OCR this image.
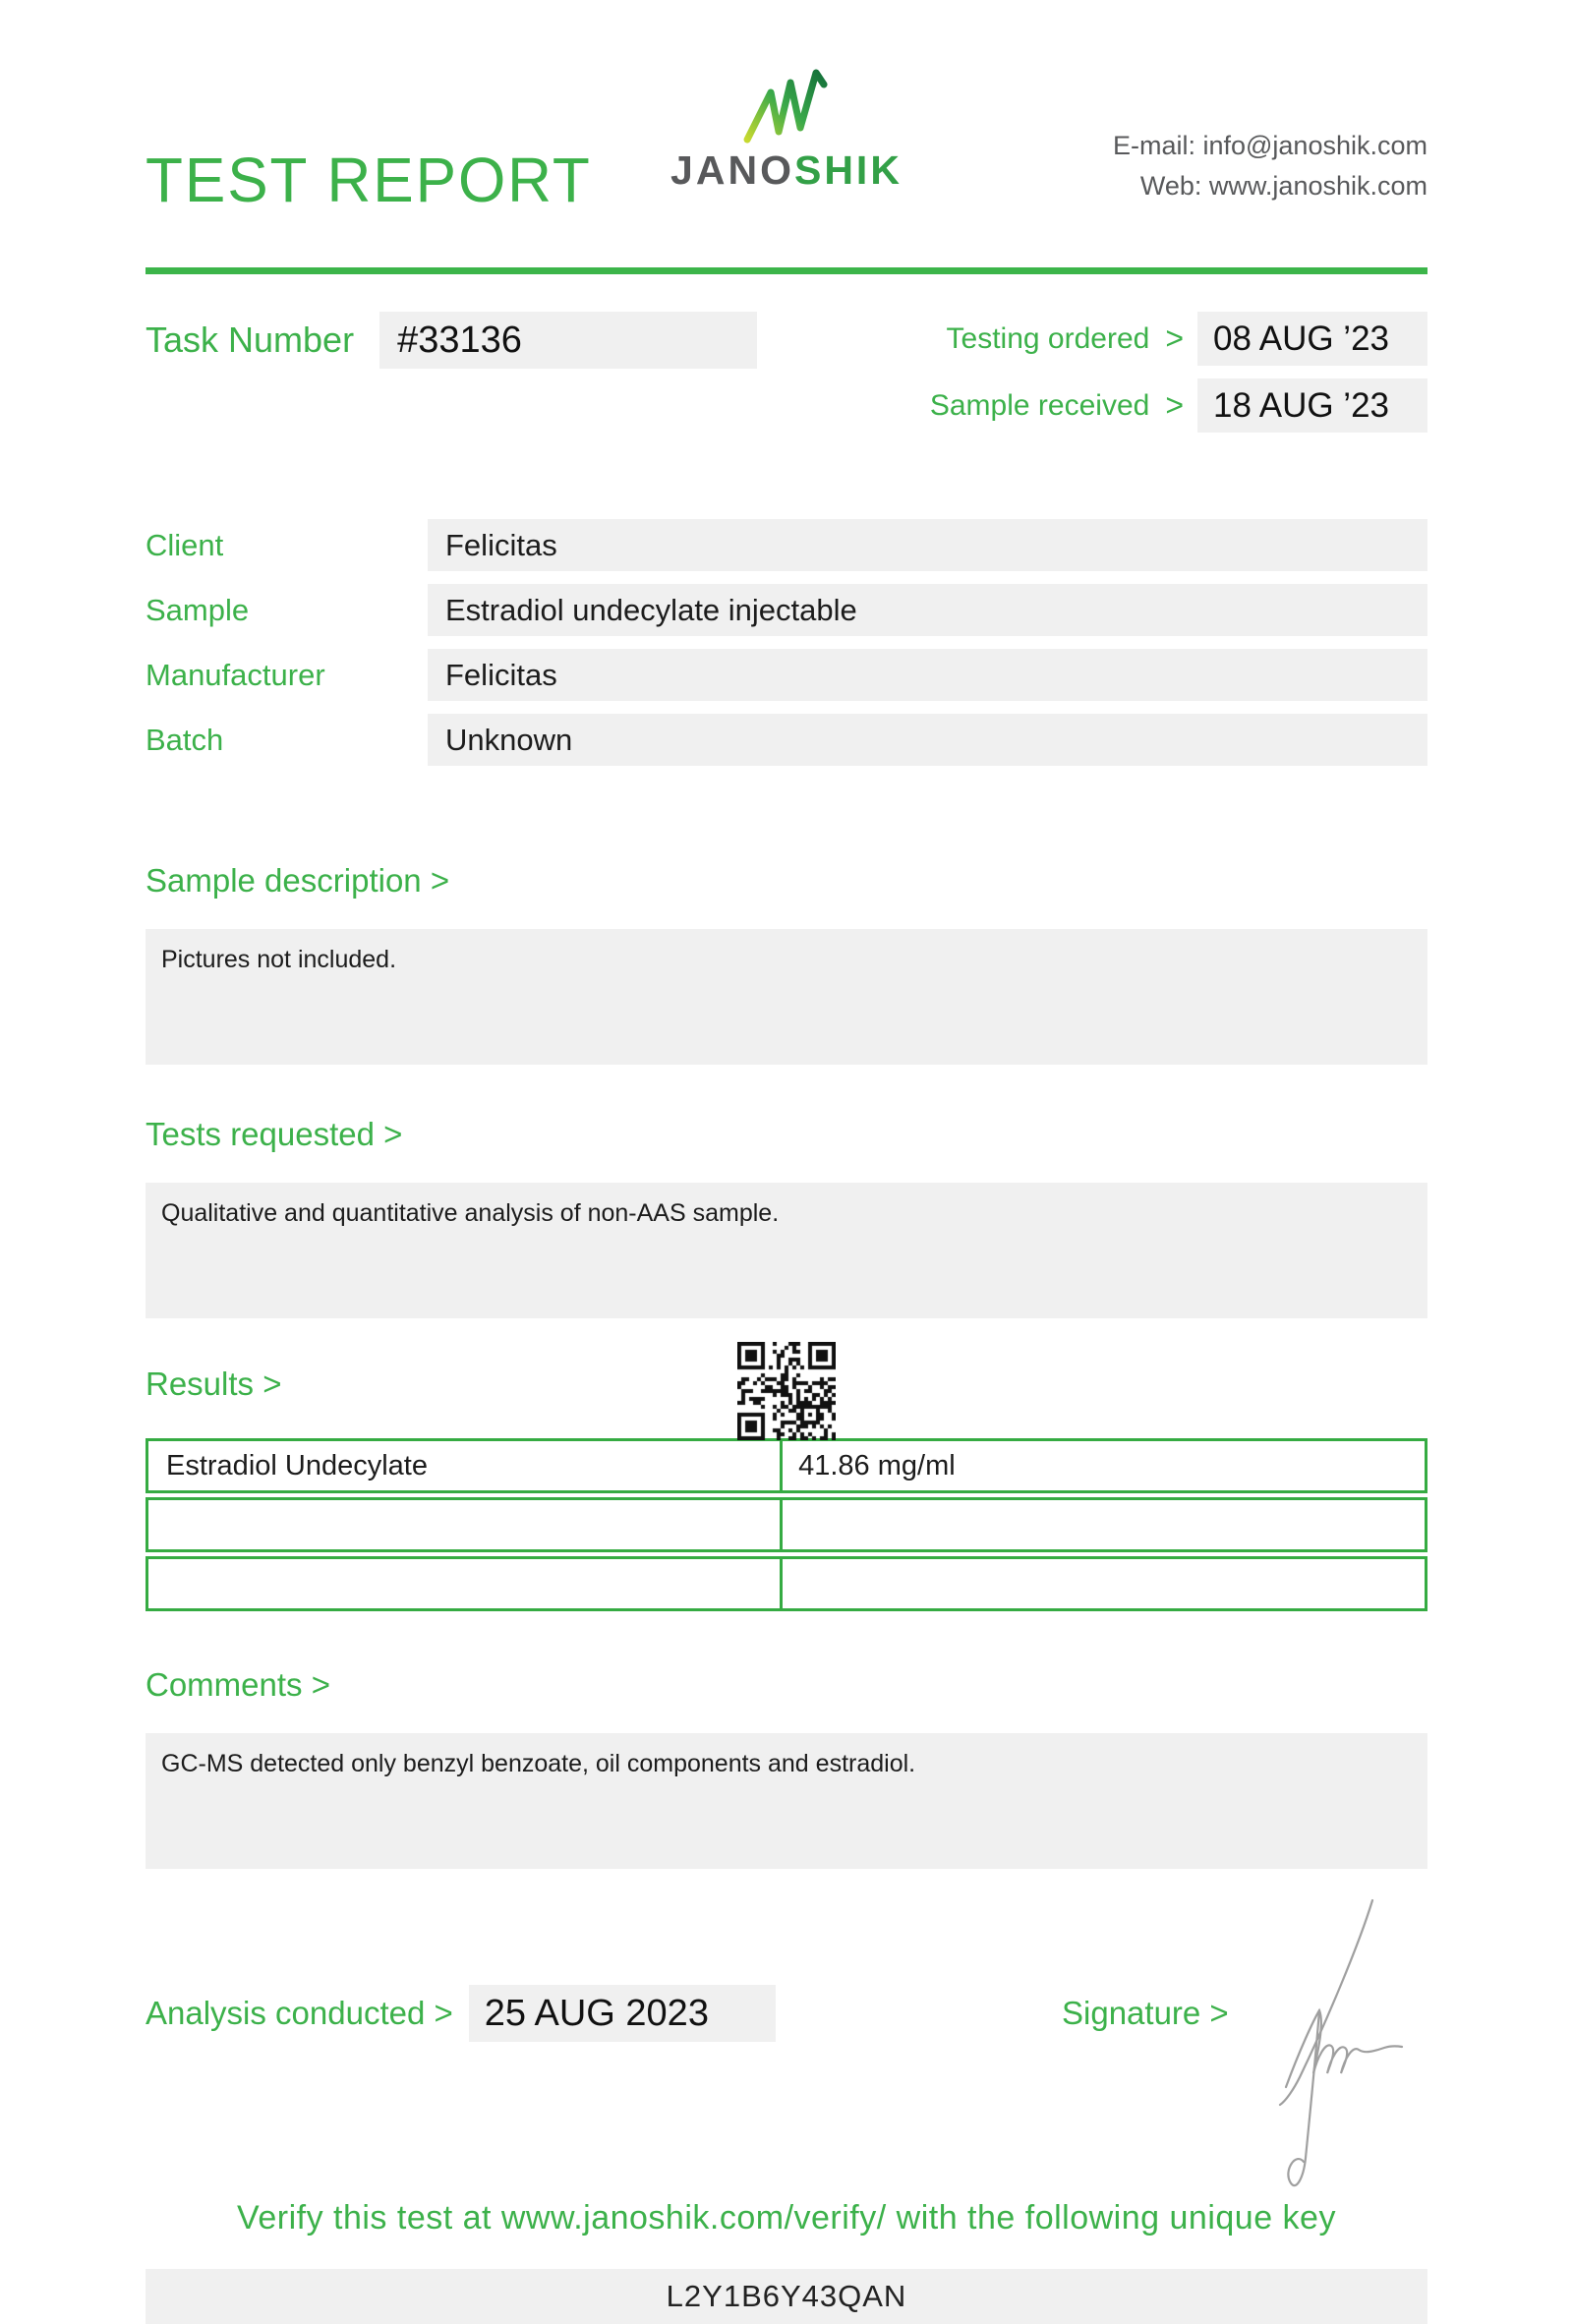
TEST REPORT JANOSHIK
E-mail: info@janoshik.com
Web: www.janoshik.com
Task Number	#33136	Testing ordered > 08 AUG ’23
Sample received > 18 AUG ’23
Client	Felicitas
Sample	Estradiol undecylate injectable
Manufacturer	Felicitas
Batch	Unknown
Sample description >
Pictures not included.
Tests requested >
Qualitative and quantitative analysis of non-AAS sample.
Results >
Estradiol Undecylate	41.86 mg/ml
Comments >
GC-MS detected only benzyl benzoate, oil components and estradiol.
Analysis conducted > 25 AUG 2023	Signature >
Verify this test at www.janoshik.com/verify/ with the following unique key
L2Y1B6Y43QAN
